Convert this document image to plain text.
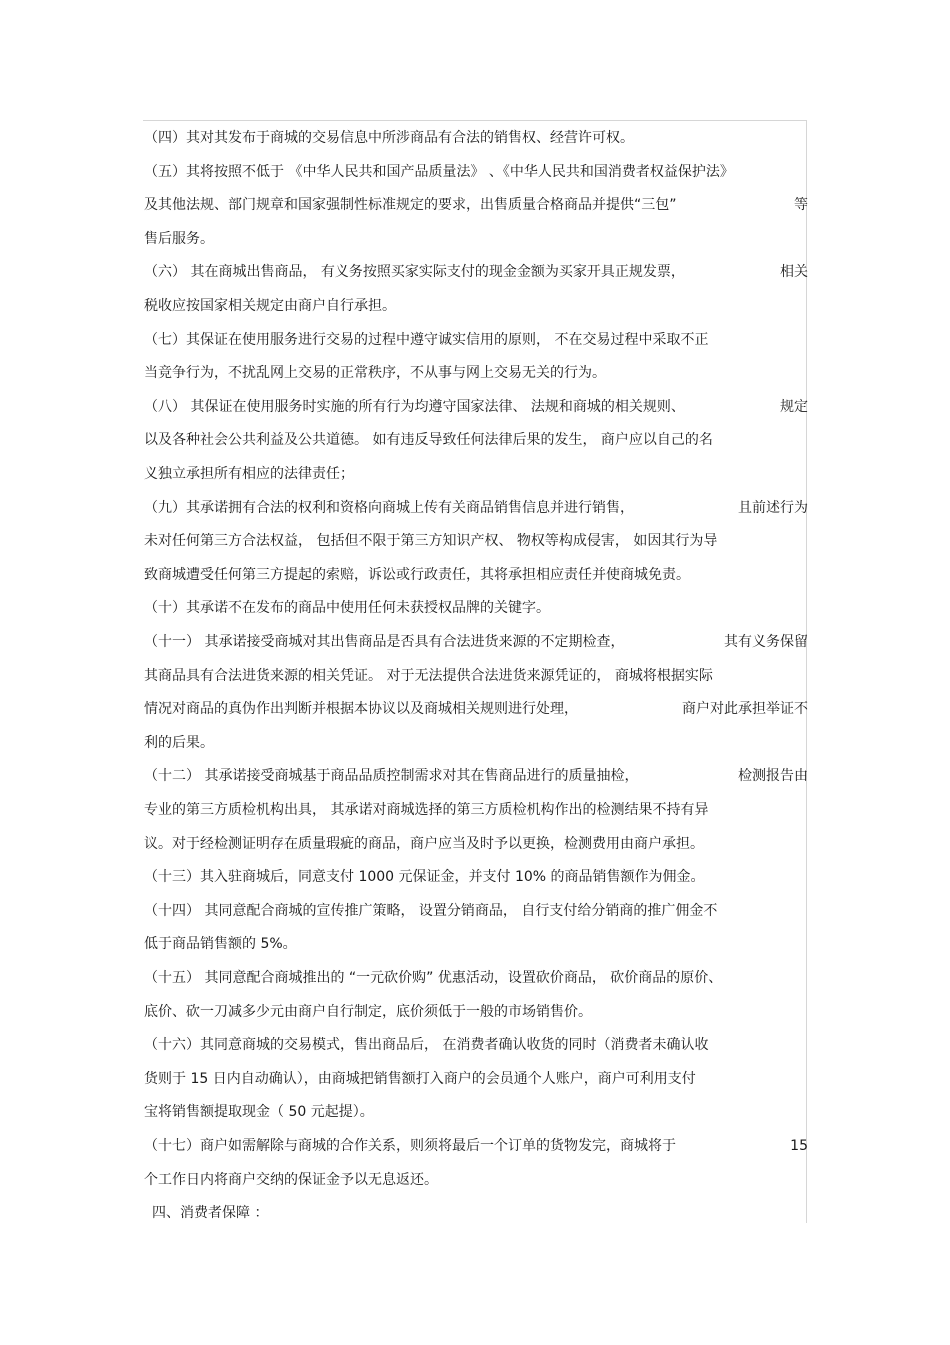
（四）其对其发布于商城的交易信息中所涉商品有合法的销售权、经营许可权。
（五）其将按照不低于 《中华人民共和国产品质量法》 、《中华人民共和国消费者权益保护法》
及其他法规、部门规章和国家强制性标准规定的要求，出售质量合格商品并提供“三包”	等
售后服务。
（六） 其在商城出售商品， 有义务按照买家实际支付的现金金额为买家开具正规发票，	相关
税收应按国家相关规定由商户自行承担。
（七）其保证在使用服务进行交易的过程中遵守诚实信用的原则， 不在交易过程中采取不正
当竞争行为，不扰乱网上交易的正常秩序，不从事与网上交易无关的行为。
（八） 其保证在使用服务时实施的所有行为均遵守国家法律、 法规和商城的相关规则、	规定
以及各种社会公共利益及公共道德。 如有违反导致任何法律后果的发生， 商户应以自己的名
义独立承担所有相应的法律责任；
（九）其承诺拥有合法的权利和资格向商城上传有关商品销售信息并进行销售，	且前述行为
未对任何第三方合法权益， 包括但不限于第三方知识产权、 物权等构成侵害， 如因其行为导
致商城遭受任何第三方提起的索赔，诉讼或行政责任，其将承担相应责任并使商城免责。
（十）其承诺不在发布的商品中使用任何未获授权品牌的关键字。
（十一） 其承诺接受商城对其出售商品是否具有合法进货来源的不定期检查，	其有义务保留
其商品具有合法进货来源的相关凭证。 对于无法提供合法进货来源凭证的， 商城将根据实际
情况对商品的真伪作出判断并根据本协议以及商城相关规则进行处理，	商户对此承担举证不
利的后果。
（十二） 其承诺接受商城基于商品品质控制需求对其在售商品进行的质量抽检，	检测报告由
专业的第三方质检机构出具， 其承诺对商城选择的第三方质检机构作出的检测结果不持有异
议。对于经检测证明存在质量瑕疵的商品，商户应当及时予以更换，检测费用由商户承担。
（十三）其入驻商城后，同意支付 1000 元保证金，并支付 10% 的商品销售额作为佣金。
（十四） 其同意配合商城的宣传推广策略， 设置分销商品， 自行支付给分销商的推广佣金不
低于商品销售额的 5%。
（十五） 其同意配合商城推出的 “一元砍价购” 优惠活动，设置砍价商品， 砍价商品的原价、
底价、砍一刀减多少元由商户自行制定，底价须低于一般的市场销售价。
（十六）其同意商城的交易模式，售出商品后， 在消费者确认收货的同时（消费者未确认收
货则于 15 日内自动确认），由商城把销售额打入商户的会员通个人账户，商户可利用支付
宝将销售额提取现金（ 50 元起提）。
（十七）商户如需解除与商城的合作关系，则须将最后一个订单的货物发完，商城将于	15
个工作日内将商户交纳的保证金予以无息返还。
四、消费者保障 ：
